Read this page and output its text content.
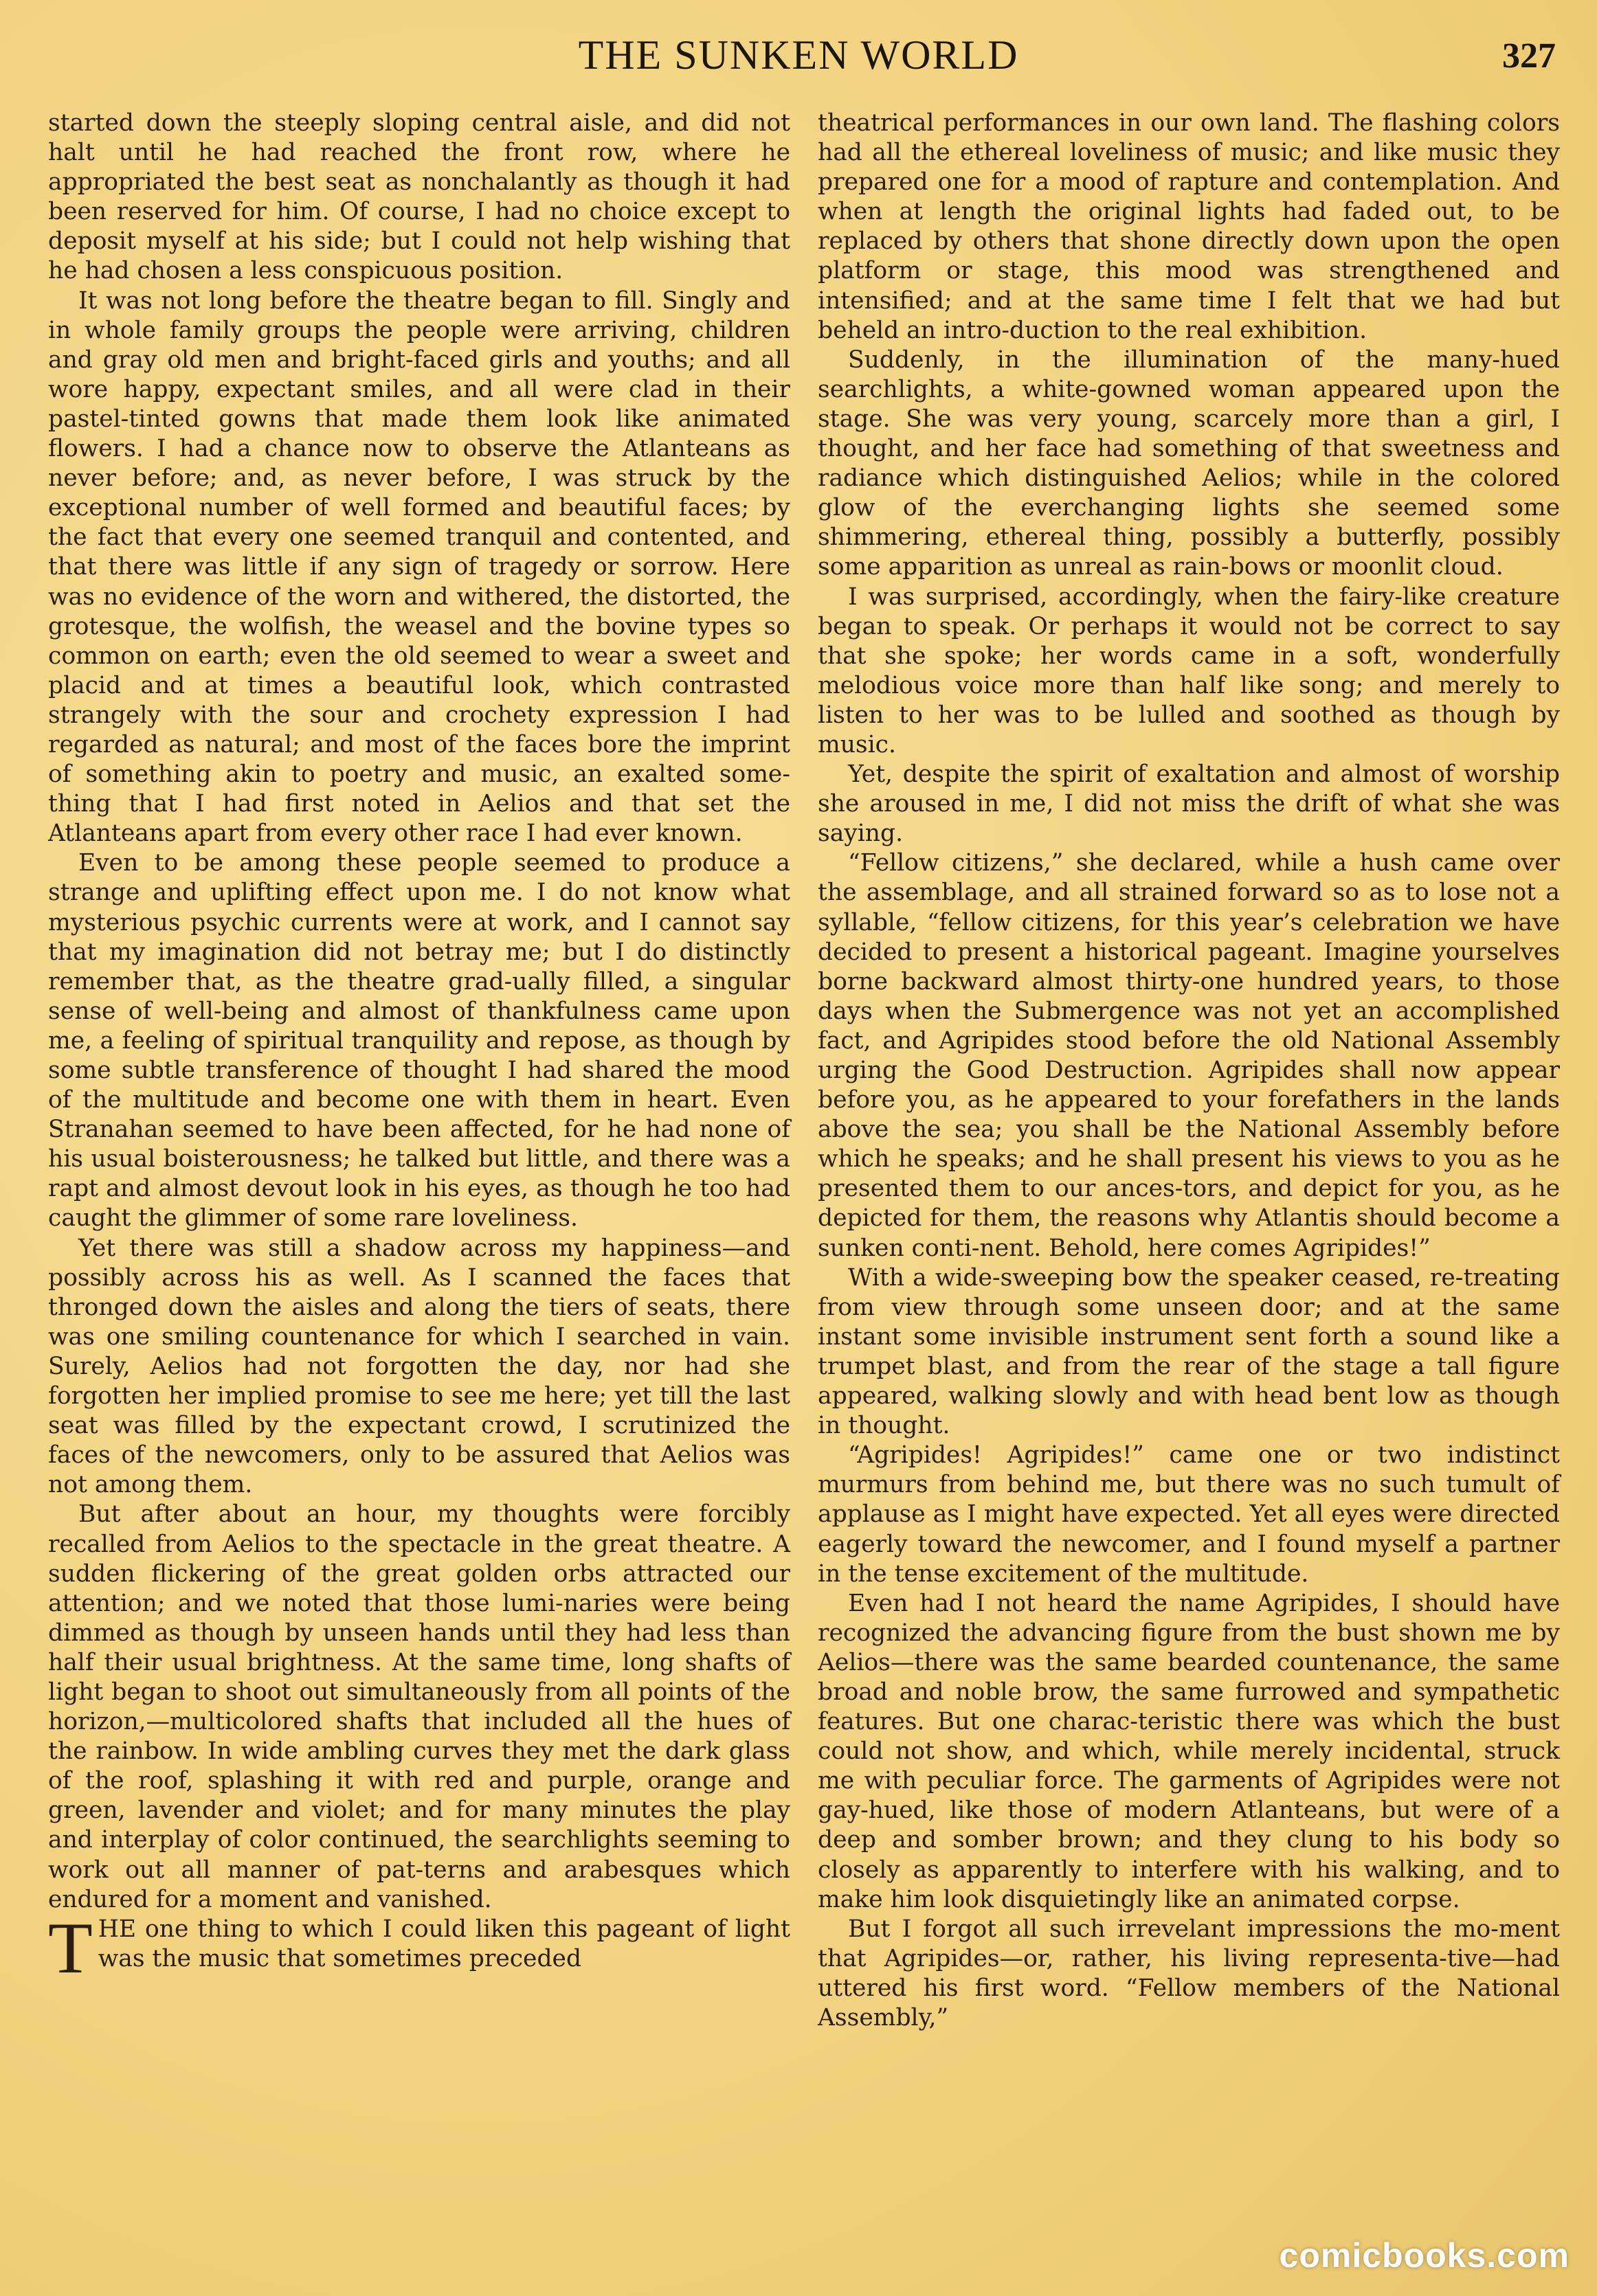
THE SUNKEN WORLD	327

started down the steeply sloping central aisle, and did not halt until he had reached the front row, where he appropriated the best seat as nonchalantly as though it had been reserved for him. Of course, I had no choice except to deposit myself at his side; but I could not help wishing that he had chosen a less conspicuous position.

It was not long before the theatre began to fill. Singly and in whole family groups the people were arriving, children and gray old men and bright-faced girls and youths; and all wore happy, expectant smiles, and all were clad in their pastel-tinted gowns that made them look like animated flowers. I had a chance now to observe the Atlanteans as never before; and, as never before, I was struck by the exceptional number of well formed and beautiful faces; by the fact that every one seemed tranquil and contented, and that there was little if any sign of tragedy or sorrow. Here was no evidence of the worn and withered, the distorted, the grotesque, the wolfish, the weasel and the bovine types so common on earth; even the old seemed to wear a sweet and placid and at times a beautiful look, which contrasted strangely with the sour and crochety expression I had regarded as natural; and most of the faces bore the imprint of something akin to poetry and music, an exalted some-thing that I had first noted in Aelios and that set the Atlanteans apart from every other race I had ever known.

Even to be among these people seemed to produce a strange and uplifting effect upon me. I do not know what mysterious psychic currents were at work, and I cannot say that my imagination did not betray me; but I do distinctly remember that, as the theatre grad-ually filled, a singular sense of well-being and almost of thankfulness came upon me, a feeling of spiritual tranquility and repose, as though by some subtle transference of thought I had shared the mood of the multitude and become one with them in heart. Even Stranahan seemed to have been affected, for he had none of his usual boisterousness; he talked but little, and there was a rapt and almost devout look in his eyes, as though he too had caught the glimmer of some rare loveliness.

Yet there was still a shadow across my happiness—and possibly across his as well. As I scanned the faces that thronged down the aisles and along the tiers of seats, there was one smiling countenance for which I searched in vain. Surely, Aelios had not forgotten the day, nor had she forgotten her implied promise to see me here; yet till the last seat was filled by the expectant crowd, I scrutinized the faces of the newcomers, only to be assured that Aelios was not among them.

But after about an hour, my thoughts were forcibly recalled from Aelios to the spectacle in the great theatre. A sudden flickering of the great golden orbs attracted our attention; and we noted that those lumi-naries were being dimmed as though by unseen hands until they had less than half their usual brightness. At the same time, long shafts of light began to shoot out simultaneously from all points of the horizon,—multicolored shafts that included all the hues of the rainbow. In wide ambling curves they met the dark glass of the roof, splashing it with red and purple, orange and green, lavender and violet; and for many minutes the play and interplay of color continued, the searchlights seeming to work out all manner of pat-terns and arabesques which endured for a moment and vanished.

THE one thing to which I could liken this pageant of light was the music that sometimes preceded

theatrical performances in our own land. The flashing colors had all the ethereal loveliness of music; and like music they prepared one for a mood of rapture and contemplation. And when at length the original lights had faded out, to be replaced by others that shone directly down upon the open platform or stage, this mood was strengthened and intensified; and at the same time I felt that we had but beheld an intro-duction to the real exhibition.

Suddenly, in the illumination of the many-hued searchlights, a white-gowned woman appeared upon the stage. She was very young, scarcely more than a girl, I thought, and her face had something of that sweetness and radiance which distinguished Aelios; while in the colored glow of the everchanging lights she seemed some shimmering, ethereal thing, possibly a butterfly, possibly some apparition as unreal as rain-bows or moonlit cloud.

I was surprised, accordingly, when the fairy-like creature began to speak. Or perhaps it would not be correct to say that she spoke; her words came in a soft, wonderfully melodious voice more than half like song; and merely to listen to her was to be lulled and soothed as though by music.

Yet, despite the spirit of exaltation and almost of worship she aroused in me, I did not miss the drift of what she was saying.

“Fellow citizens,” she declared, while a hush came over the assemblage, and all strained forward so as to lose not a syllable, “fellow citizens, for this year’s celebration we have decided to present a historical pageant. Imagine yourselves borne backward almost thirty-one hundred years, to those days when the Submergence was not yet an accomplished fact, and Agripides stood before the old National Assembly urging the Good Destruction. Agripides shall now appear before you, as he appeared to your forefathers in the lands above the sea; you shall be the National Assembly before which he speaks; and he shall present his views to you as he presented them to our ances-tors, and depict for you, as he depicted for them, the reasons why Atlantis should become a sunken conti-nent. Behold, here comes Agripides!”

With a wide-sweeping bow the speaker ceased, re-treating from view through some unseen door; and at the same instant some invisible instrument sent forth a sound like a trumpet blast, and from the rear of the stage a tall figure appeared, walking slowly and with head bent low as though in thought.

“Agripides! Agripides!” came one or two indistinct murmurs from behind me, but there was no such tumult of applause as I might have expected. Yet all eyes were directed eagerly toward the newcomer, and I found myself a partner in the tense excitement of the multitude.

Even had I not heard the name Agripides, I should have recognized the advancing figure from the bust shown me by Aelios—there was the same bearded countenance, the same broad and noble brow, the same furrowed and sympathetic features. But one charac-teristic there was which the bust could not show, and which, while merely incidental, struck me with peculiar force. The garments of Agripides were not gay-hued, like those of modern Atlanteans, but were of a deep and somber brown; and they clung to his body so closely as apparently to interfere with his walking, and to make him look disquietingly like an animated corpse.

But I forgot all such irrevelant impressions the mo-ment that Agripides—or, rather, his living representa-tive—had uttered his first word. “Fellow members of the National Assembly,”

comicbooks.com
